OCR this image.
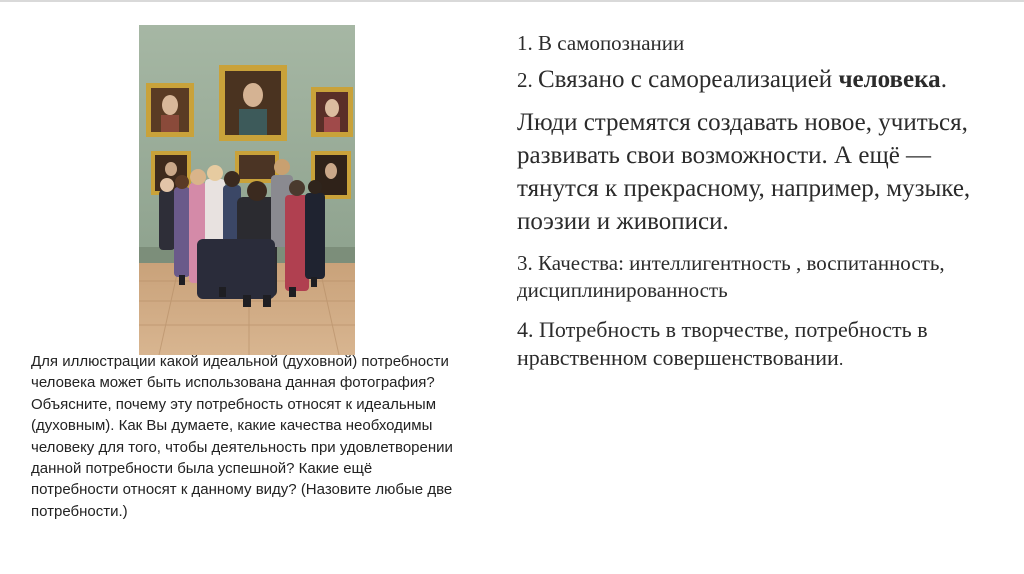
Для иллюстрации какой идеальной (духовной) потребности человека может быть использована данная фотография? Объясните, почему эту потребность относят к идеальным (духовным). Как Вы думаете, какие качества необходимы человеку для того, чтобы деятельность при удовлетворении данной потребности была успешной? Какие ещё потребности относят к данному виду? (Назовите любые две потребности.)
1. В самопознании
2. Связано с самореализацией человека.
Люди стремятся создавать новое, учиться, развивать свои возможности. А ещё — тянутся к прекрасному, например, музыке, поэзии и живописи.
3. Качества: интеллигентность , воспитанность, дисциплинированность
4. Потребность в творчестве, потребность в нравственном совершенствовании.
